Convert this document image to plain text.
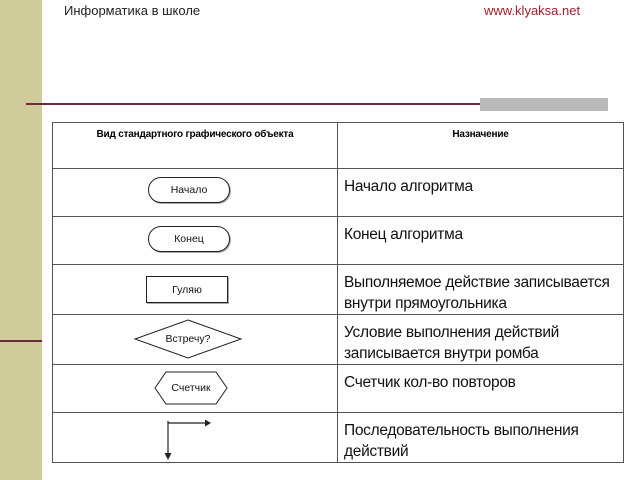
Информатика в школе	www.klyaksa.net
Вид стандартного графического объекта	Назначение

Начало	Начало алгоритма

Конец	Конец алгоритма

Гуляю	Выполняемое действие записывается внутри прямоугольника

Встречу?	Условие выполнения действий записывается внутри ромба

Счетчик	Счетчик кол-во повторов

Последовательность выполнения действий
